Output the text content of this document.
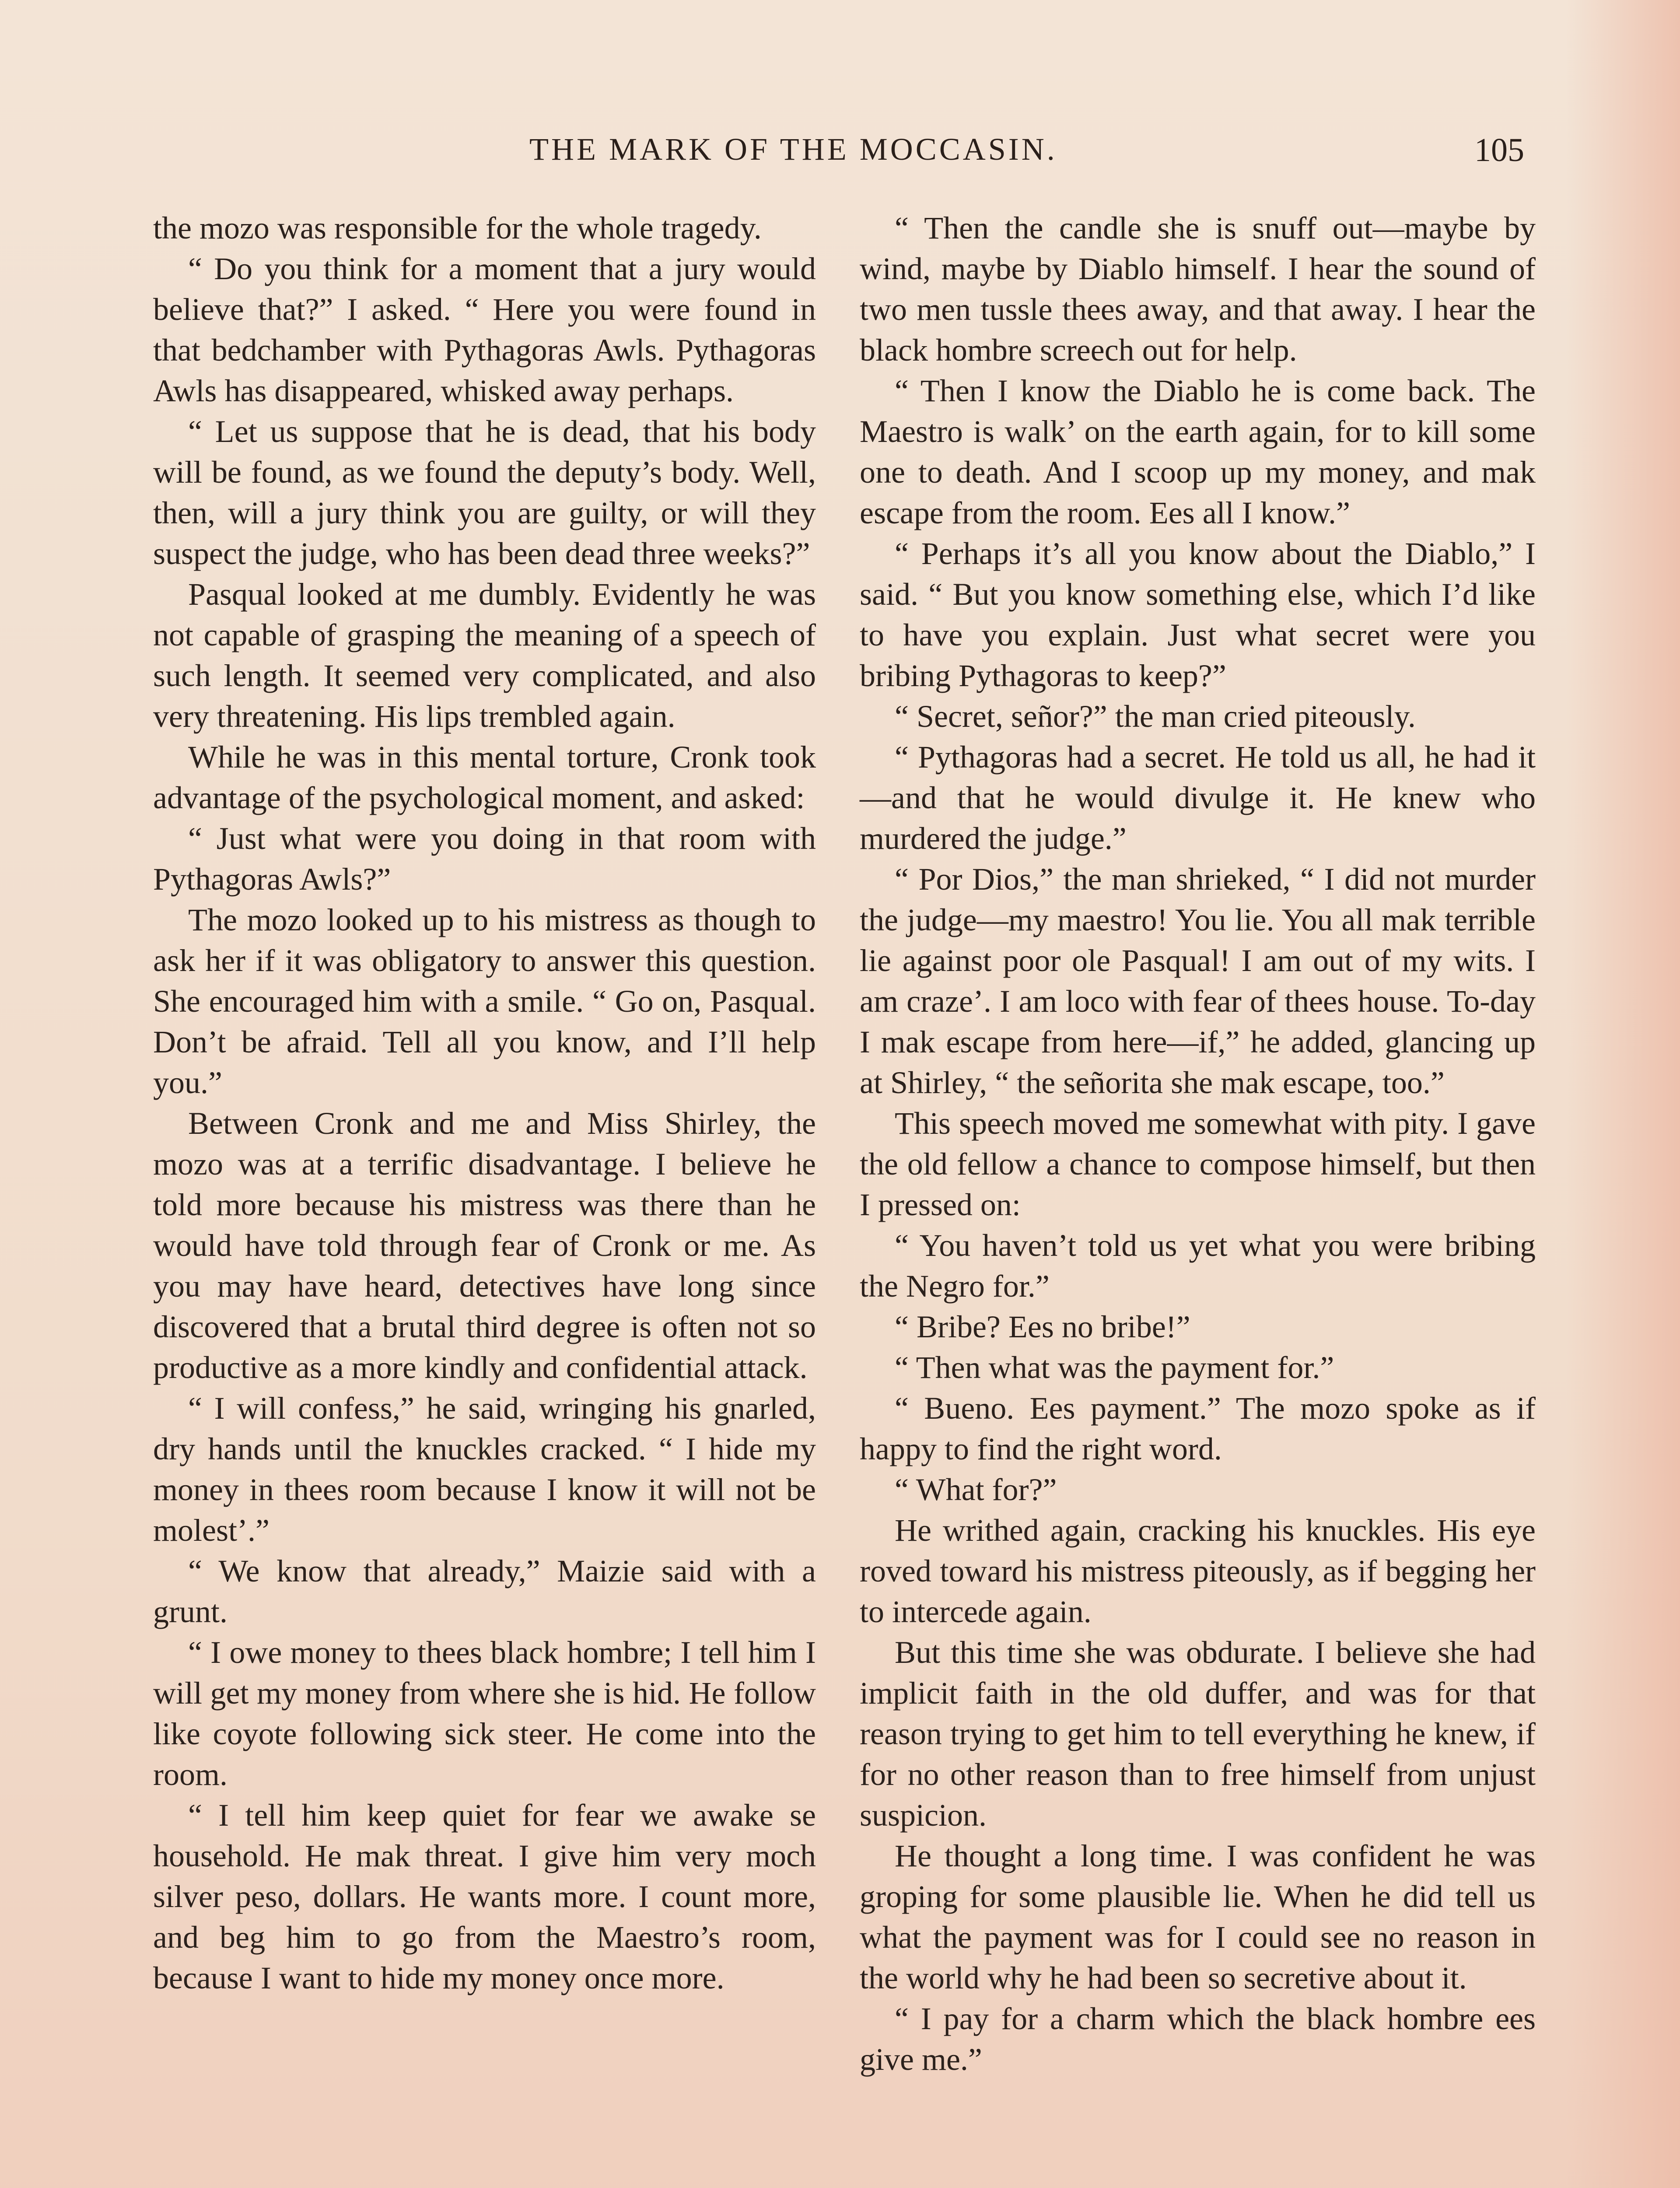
THE MARK OF THE MOCCASIN.	105

the mozo was responsible for the whole tragedy.

“ Do you think for a moment that a jury would believe that?” I asked. “ Here you were found in that bedchamber with Pythagoras Awls. Pythagoras Awls has disappeared, whisked away perhaps.

“ Let us suppose that he is dead, that his body will be found, as we found the deputy’s body. Well, then, will a jury think you are guilty, or will they suspect the judge, who has been dead three weeks?”

Pasqual looked at me dumbly. Evidently he was not capable of grasping the meaning of a speech of such length. It seemed very complicated, and also very threatening. His lips trembled again.

While he was in this mental torture, Cronk took advantage of the psychological moment, and asked:

“ Just what were you doing in that room with Pythagoras Awls?”

The mozo looked up to his mistress as though to ask her if it was obligatory to answer this question. She encouraged him with a smile. “ Go on, Pasqual. Don’t be afraid. Tell all you know, and I’ll help you.”

Between Cronk and me and Miss Shirley, the mozo was at a terrific disadvantage. I believe he told more because his mistress was there than he would have told through fear of Cronk or me. As you may have heard, detectives have long since discovered that a brutal third degree is often not so productive as a more kindly and confidential attack.

“ I will confess,” he said, wringing his gnarled, dry hands until the knuckles cracked. “ I hide my money in thees room because I know it will not be molest’.”

“ We know that already,” Maizie said with a grunt.

“ I owe money to thees black hombre; I tell him I will get my money from where she is hid. He follow like coyote following sick steer. He come into the room.

“ I tell him keep quiet for fear we awake se household. He mak threat. I give him very moch silver peso, dollars. He wants more. I count more, and beg him to go from the Maestro’s room, because I want to hide my money once more.

“ Then the candle she is snuff out—maybe by wind, maybe by Diablo himself. I hear the sound of two men tussle thees away, and that away. I hear the black hombre screech out for help.

“ Then I know the Diablo he is come back. The Maestro is walk’ on the earth again, for to kill some one to death. And I scoop up my money, and mak escape from the room. Ees all I know.”

“ Perhaps it’s all you know about the Diablo,” I said. “ But you know something else, which I’d like to have you explain. Just what secret were you bribing Pythagoras to keep?”

“ Secret, señor?” the man cried piteously.

“ Pythagoras had a secret. He told us all, he had it—and that he would divulge it. He knew who murdered the judge.”

“ Por Dios,” the man shrieked, “ I did not murder the judge—my maestro! You lie. You all mak terrible lie against poor ole Pasqual! I am out of my wits. I am craze’. I am loco with fear of thees house. To-day I mak escape from here—if,” he added, glancing up at Shirley, “ the señorita she mak escape, too.”

This speech moved me somewhat with pity. I gave the old fellow a chance to compose himself, but then I pressed on:

“ You haven’t told us yet what you were bribing the Negro for.”

“ Bribe? Ees no bribe!”

“ Then what was the payment for.”

“ Bueno. Ees payment.” The mozo spoke as if happy to find the right word.

“ What for?”

He writhed again, cracking his knuckles. His eye roved toward his mistress piteously, as if begging her to intercede again.

But this time she was obdurate. I believe she had implicit faith in the old duffer, and was for that reason trying to get him to tell everything he knew, if for no other reason than to free himself from unjust suspicion.

He thought a long time. I was confident he was groping for some plausible lie. When he did tell us what the payment was for I could see no reason in the world why he had been so secretive about it.

“ I pay for a charm which the black hombre ees give me.”
